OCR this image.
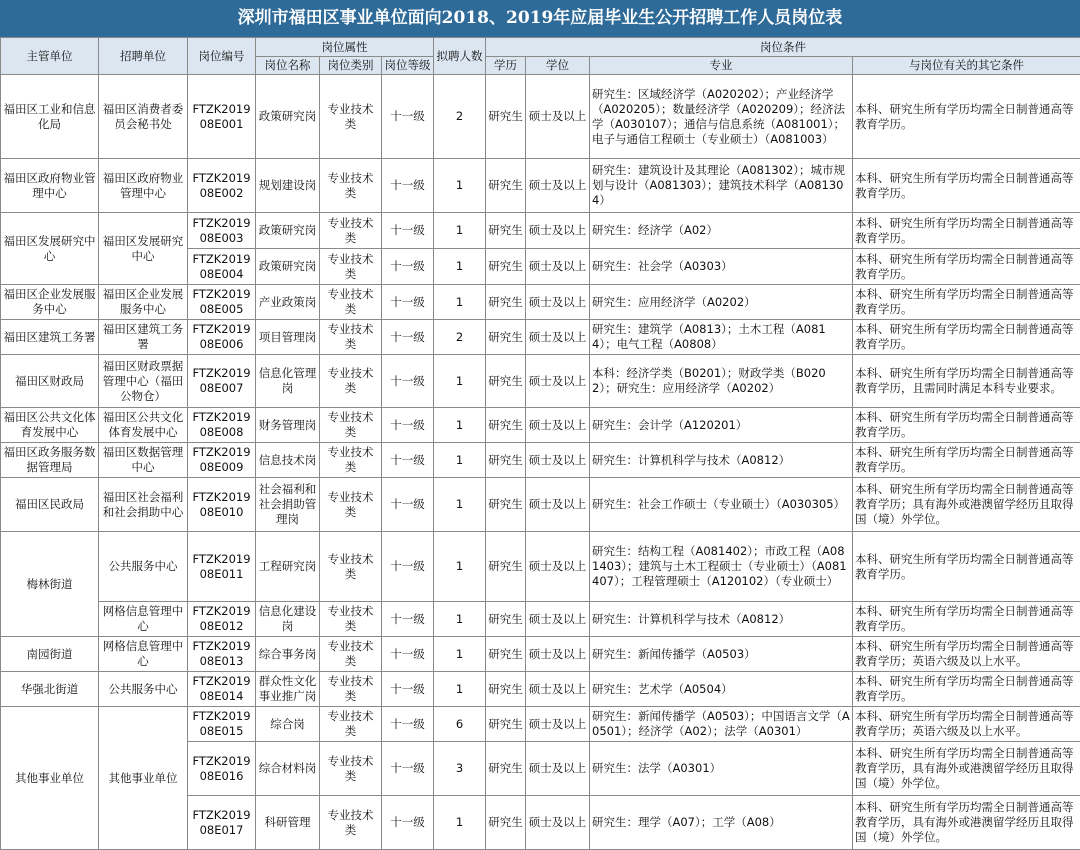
深圳市福田区事业单位面向2018、2019年应届毕业生公开招聘工作人员岗位表
主管单位	招聘单位	岗位编号	岗位属性			拟聘人数	岗位条件			
			岗位名称	岗位类别	岗位等级		学历	学位	专业	与岗位有关的其它条件
福田区工业和信息化局	福田区消费者委员会秘书处	FTZK201908E001	政策研究岗	专业技术类	十一级	2	研究生	硕士及以上	研究生：区域经济学（A020202）；产业经济学（A020205）；数量经济学（A020209）；经济法学（A030107）；通信与信息系统（A081001）；电子与通信工程硕士（专业硕士）（A081003）	本科、研究生所有学历均需全日制普通高等教育学历。
福田区政府物业管理中心	福田区政府物业管理中心	FTZK201908E002	规划建设岗	专业技术类	十一级	1	研究生	硕士及以上	研究生：建筑设计及其理论（A081302）；城市规划与设计（A081303）；建筑技术科学（A081304）	本科、研究生所有学历均需全日制普通高等教育学历。
福田区发展研究中心	福田区发展研究中心	FTZK201908E003	政策研究岗	专业技术类	十一级	1	研究生	硕士及以上	研究生：经济学（A02）	本科、研究生所有学历均需全日制普通高等教育学历。
		FTZK201908E004	政策研究岗	专业技术类	十一级	1	研究生	硕士及以上	研究生：社会学（A0303）	本科、研究生所有学历均需全日制普通高等教育学历。
福田区企业发展服务中心	福田区企业发展服务中心	FTZK201908E005	产业政策岗	专业技术类	十一级	1	研究生	硕士及以上	研究生：应用经济学（A0202）	本科、研究生所有学历均需全日制普通高等教育学历。
福田区建筑工务署	福田区建筑工务署	FTZK201908E006	项目管理岗	专业技术类	十一级	2	研究生	硕士及以上	研究生：建筑学（A0813）；土木工程（A0814）；电气工程（A0808）	本科、研究生所有学历均需全日制普通高等教育学历。
福田区财政局	福田区财政票据管理中心（福田公物仓）	FTZK201908E007	信息化管理岗	专业技术类	十一级	1	研究生	硕士及以上	本科：经济学类（B0201）；财政学类（B0202）；研究生：应用经济学（A0202）	本科、研究生所有学历均需全日制普通高等教育学历，且需同时满足本科专业要求。
福田区公共文化体育发展中心	福田区公共文化体育发展中心	FTZK201908E008	财务管理岗	专业技术类	十一级	1	研究生	硕士及以上	研究生：会计学（A120201）	本科、研究生所有学历均需全日制普通高等教育学历。
福田区政务服务数据管理局	福田区数据管理中心	FTZK201908E009	信息技术岗	专业技术类	十一级	1	研究生	硕士及以上	研究生：计算机科学与技术（A0812）	本科、研究生所有学历均需全日制普通高等教育学历。
福田区民政局	福田区社会福利和社会捐助中心	FTZK201908E010	社会福利和社会捐助管理岗	专业技术类	十一级	1	研究生	硕士及以上	研究生：社会工作硕士（专业硕士）（A030305）	本科、研究生所有学历均需全日制普通高等教育学历；具有海外或港澳留学经历且取得国（境）外学位。
梅林街道	公共服务中心	FTZK201908E011	工程研究岗	专业技术类	十一级	1	研究生	硕士及以上	研究生：结构工程（A081402）；市政工程（A081403）；建筑与土木工程硕士（专业硕士）（A081407）；工程管理硕士（A120102）（专业硕士）	本科、研究生所有学历均需全日制普通高等教育学历。
	网格信息管理中心	FTZK201908E012	信息化建设岗	专业技术类	十一级	1	研究生	硕士及以上	研究生：计算机科学与技术（A0812）	本科、研究生所有学历均需全日制普通高等教育学历。
南园街道	网格信息管理中心	FTZK201908E013	综合事务岗	专业技术类	十一级	1	研究生	硕士及以上	研究生：新闻传播学（A0503）	本科、研究生所有学历均需全日制普通高等教育学历；英语六级及以上水平。
华强北街道	公共服务中心	FTZK201908E014	群众性文化事业推广岗	专业技术类	十一级	1	研究生	硕士及以上	研究生：艺术学（A0504）	本科、研究生所有学历均需全日制普通高等教育学历。
其他事业单位	其他事业单位	FTZK201908E015	综合岗	专业技术类	十一级	6	研究生	硕士及以上	研究生：新闻传播学（A0503）；中国语言文学（A0501）；经济学（A02）；法学（A0301）	本科、研究生所有学历均需全日制普通高等教育学历；英语六级及以上水平。
		FTZK201908E016	综合材料岗	专业技术类	十一级	3	研究生	硕士及以上	研究生：法学（A0301）	本科、研究生所有学历均需全日制普通高等教育学历，具有海外或港澳留学经历且取得国（境）外学位。
		FTZK201908E017	科研管理	专业技术类	十一级	1	研究生	硕士及以上	研究生：理学（A07）；工学（A08）	本科、研究生所有学历均需全日制普通高等教育学历，具有海外或港澳留学经历且取得国（境）外学位。
